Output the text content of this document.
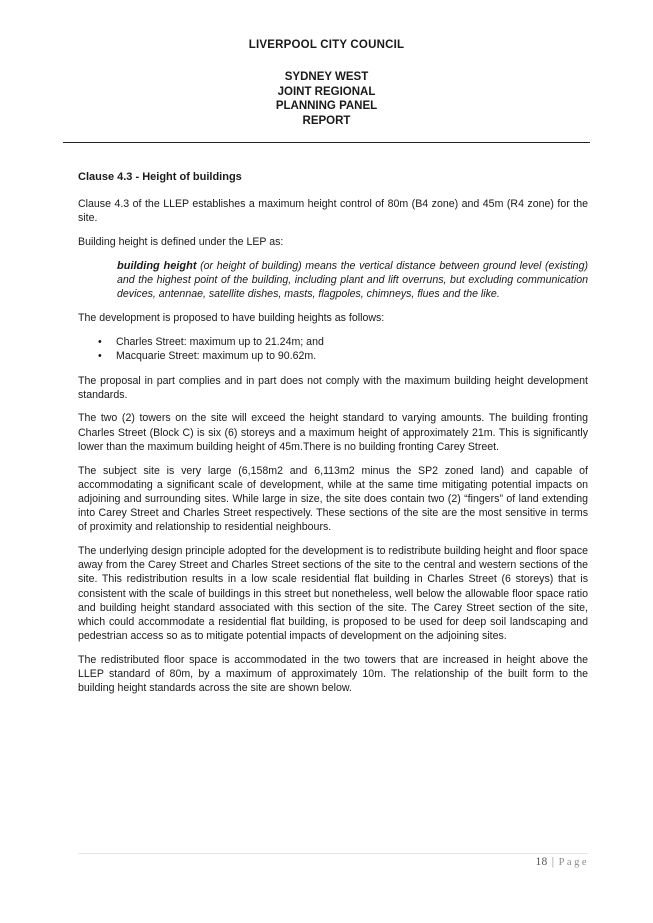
LIVERPOOL CITY COUNCIL
SYDNEY WEST
JOINT REGIONAL
PLANNING PANEL
REPORT

Clause 4.3 - Height of buildings

Clause 4.3 of the LLEP establishes a maximum height control of 80m (B4 zone) and 45m (R4 zone) for the site.

Building height is defined under the LEP as:

building height (or height of building) means the vertical distance between ground level (existing) and the highest point of the building, including plant and lift overruns, but excluding communication devices, antennae, satellite dishes, masts, flagpoles, chimneys, flues and the like.

The development is proposed to have building heights as follows:

• Charles Street: maximum up to 21.24m; and
• Macquarie Street: maximum up to 90.62m.

The proposal in part complies and in part does not comply with the maximum building height development standards.

The two (2) towers on the site will exceed the height standard to varying amounts. The building fronting Charles Street (Block C) is six (6) storeys and a maximum height of approximately 21m. This is significantly lower than the maximum building height of 45m.There is no building fronting Carey Street.

The subject site is very large (6,158m2 and 6,113m2 minus the SP2 zoned land) and capable of accommodating a significant scale of development, while at the same time mitigating potential impacts on adjoining and surrounding sites. While large in size, the site does contain two (2) “fingers” of land extending into Carey Street and Charles Street respectively. These sections of the site are the most sensitive in terms of proximity and relationship to residential neighbours.

The underlying design principle adopted for the development is to redistribute building height and floor space away from the Carey Street and Charles Street sections of the site to the central and western sections of the site. This redistribution results in a low scale residential flat building in Charles Street (6 storeys) that is consistent with the scale of buildings in this street but nonetheless, well below the allowable floor space ratio and building height standard associated with this section of the site. The Carey Street section of the site, which could accommodate a residential flat building, is proposed to be used for deep soil landscaping and pedestrian access so as to mitigate potential impacts of development on the adjoining sites.

The redistributed floor space is accommodated in the two towers that are increased in height above the LLEP standard of 80m, by a maximum of approximately 10m. The relationship of the built form to the building height standards across the site are shown below.

18 | Page
